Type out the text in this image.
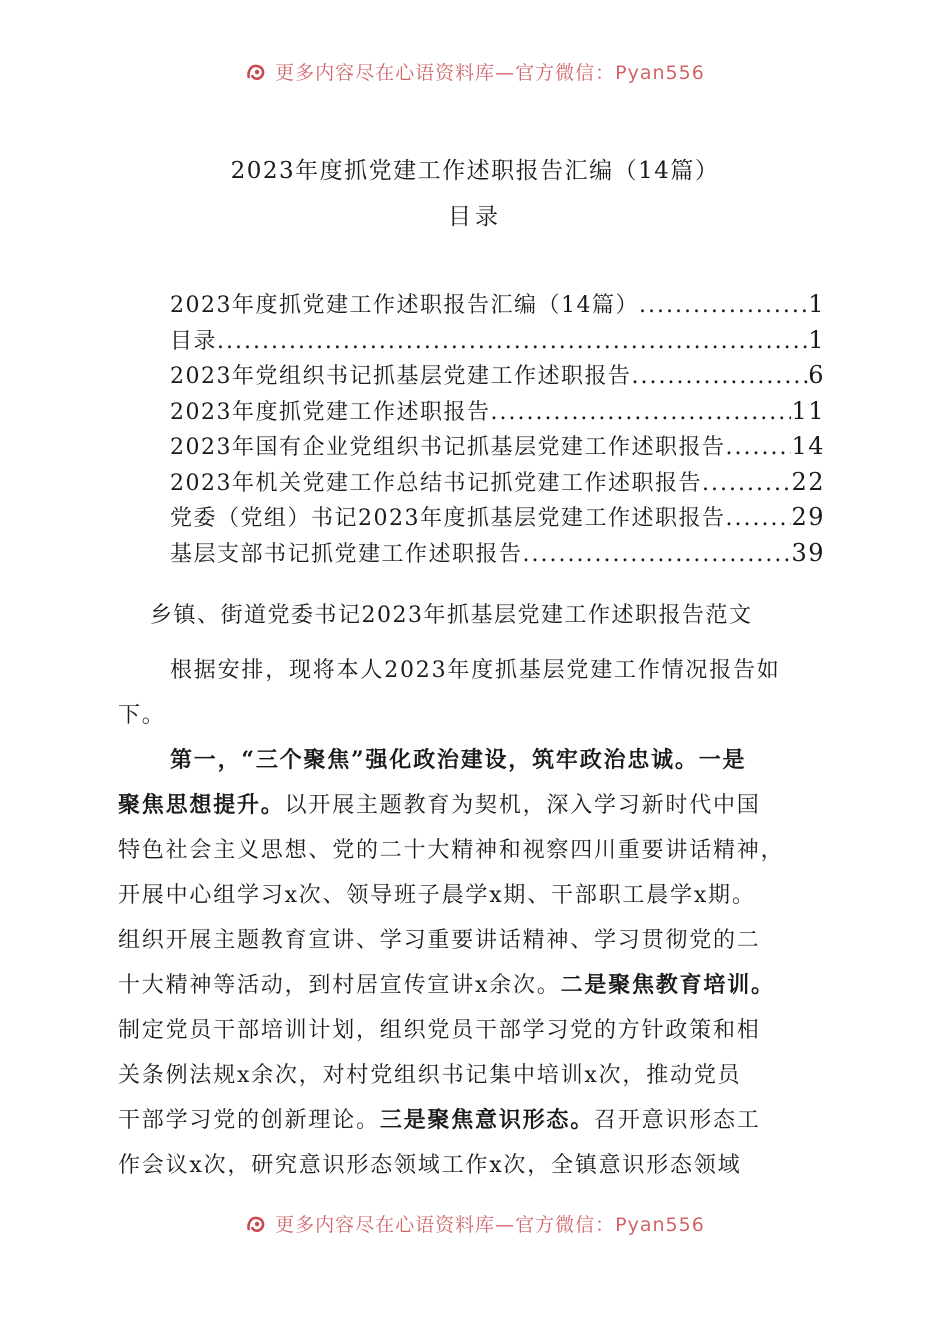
更多内容尽在心语资料库—官方微信：Pyan556
2023年度抓党建工作述职报告汇编（14篇）
目录
2023年度抓党建工作述职报告汇编（14篇） .....	1
目录 .....	1
2023年党组织书记抓基层党建工作述职报告 .....	6
2023年度抓党建工作述职报告 .....	11
2023年国有企业党组织书记抓基层党建工作述职报告 .....	14
2023年机关党建工作总结书记抓党建工作述职报告 .....	22
党委（党组）书记2023年度抓基层党建工作述职报告 .....	29
基层支部书记抓党建工作述职报告 .....	39
乡镇、街道党委书记2023年抓基层党建工作述职报告范文
根据安排，现将本人2023年度抓基层党建工作情况报告如
下。
第一，“三个聚焦”强化政治建设，筑牢政治忠诚。一是
聚焦思想提升。以开展主题教育为契机，深入学习新时代中国
特色社会主义思想、党的二十大精神和视察四川重要讲话精神，
开展中心组学习x次、领导班子晨学x期、干部职工晨学x期。
组织开展主题教育宣讲、学习重要讲话精神、学习贯彻党的二
十大精神等活动，到村居宣传宣讲x余次。二是聚焦教育培训。
制定党员干部培训计划，组织党员干部学习党的方针政策和相
关条例法规x余次，对村党组织书记集中培训x次，推动党员
干部学习党的创新理论。三是聚焦意识形态。召开意识形态工
作会议x次，研究意识形态领域工作x次，全镇意识形态领域
更多内容尽在心语资料库—官方微信：Pyan556
